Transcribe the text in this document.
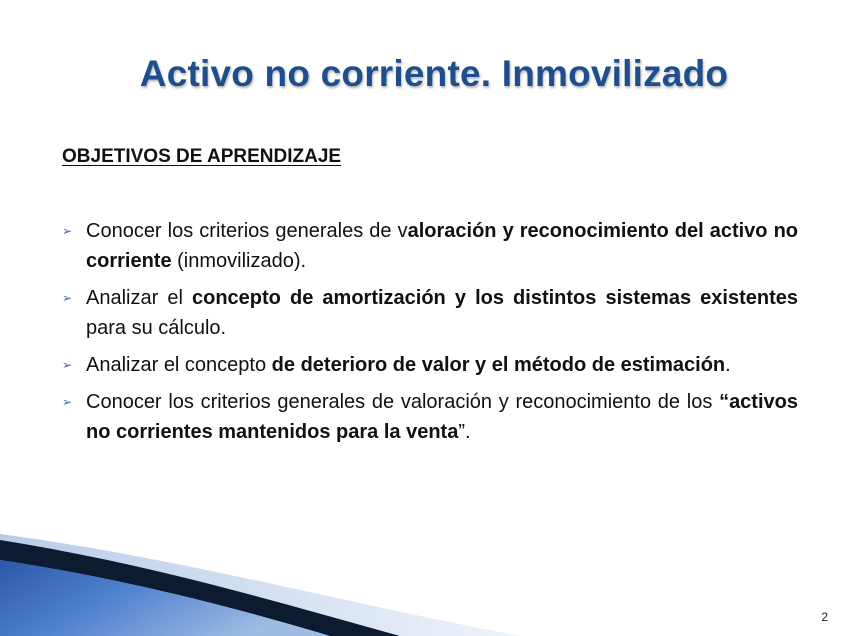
Activo no corriente. Inmovilizado
OBJETIVOS DE APRENDIZAJE
➢ Conocer los criterios generales de valoración y reconocimiento del activo no corriente (inmovilizado).
➢ Analizar el concepto de amortización y los distintos sistemas existentes para su cálculo.
➢ Analizar el concepto de deterioro de valor y el método de estimación.
➢ Conocer los criterios generales de valoración y reconocimiento de los “activos no corrientes mantenidos para la venta”.
2
